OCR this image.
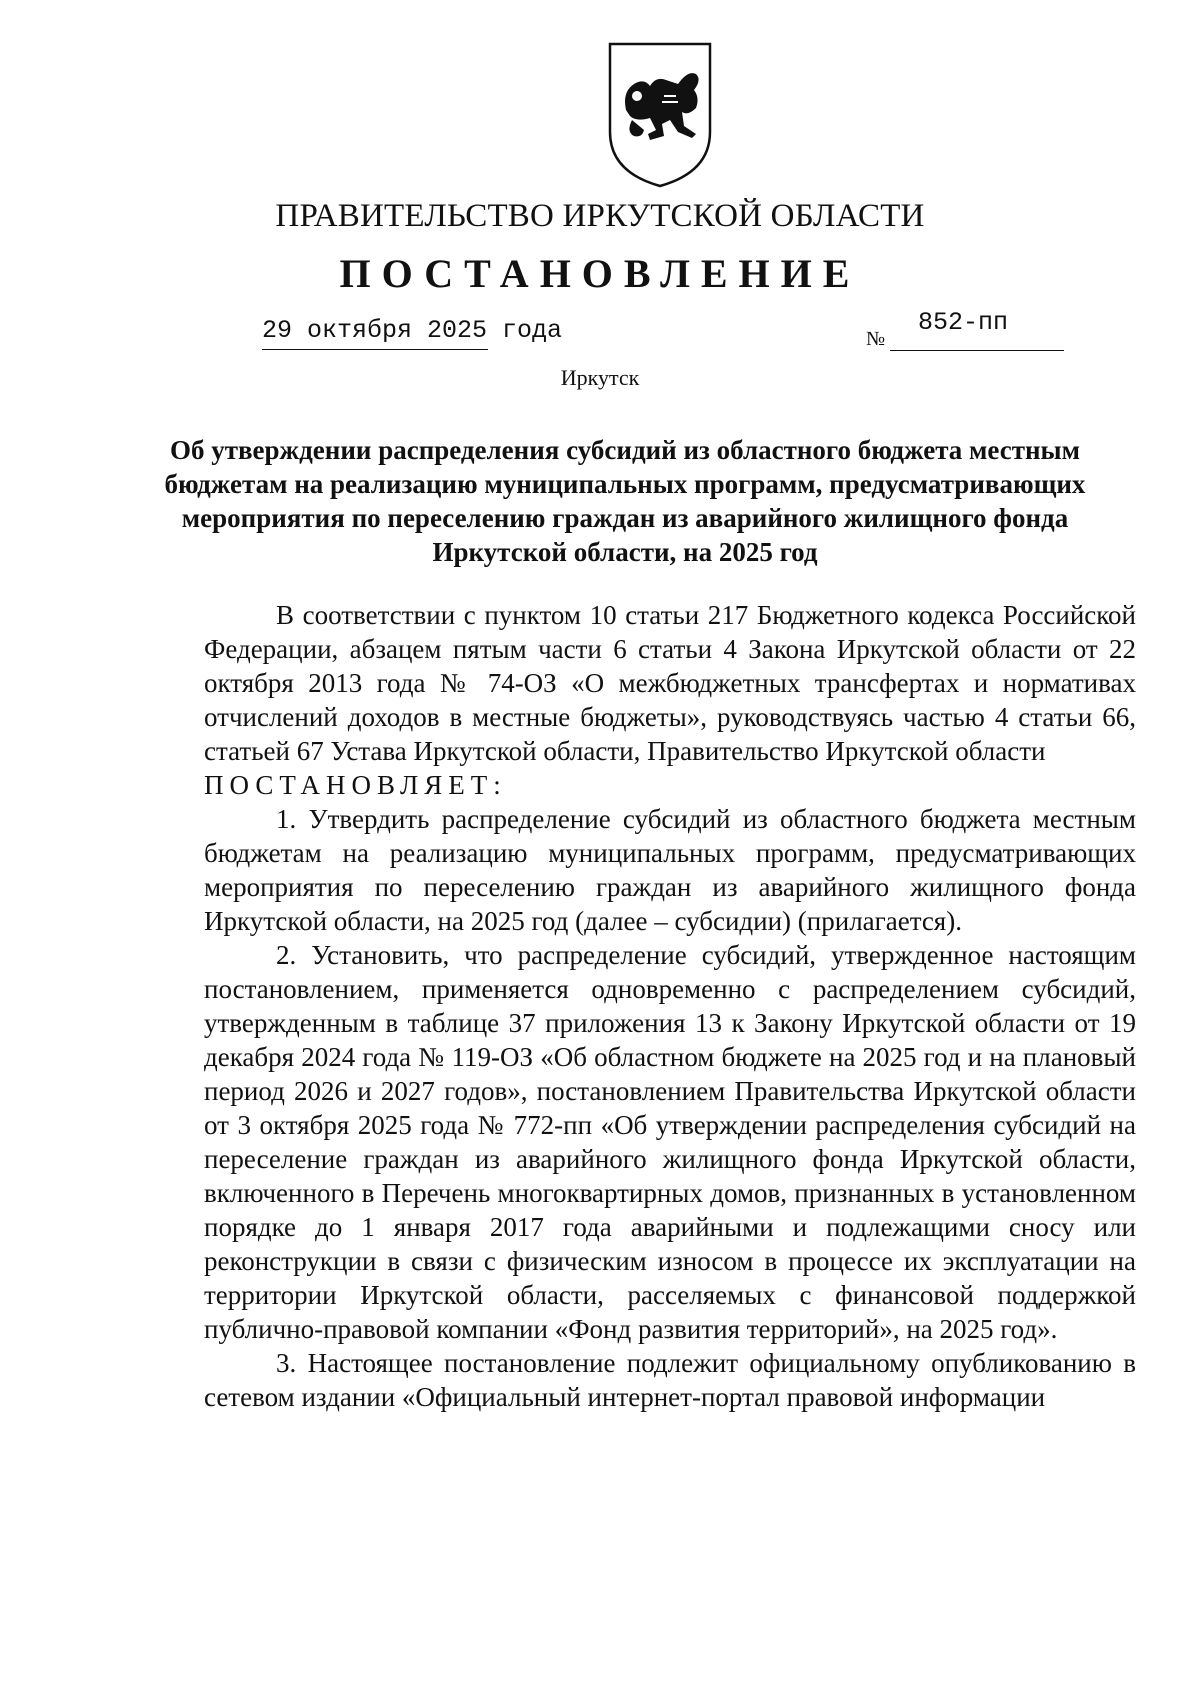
ПРАВИТЕЛЬСТВО ИРКУТСКОЙ ОБЛАСТИ
ПОСТАНОВЛЕНИЕ
29 октября 2025 года	№
852-пп
Иркутск
Об утверждении распределения субсидий из областного бюджета местным бюджетам на реализацию муниципальных программ, предусматривающих мероприятия по переселению граждан из аварийного жилищного фонда Иркутской области, на 2025 год

В соответствии с пунктом 10 статьи 217 Бюджетного кодекса Российской Федерации, абзацем пятым части 6 статьи 4 Закона Иркутской области от 22 октября 2013 года № 74-ОЗ «О межбюджетных трансфертах и нормативах отчислений доходов в местные бюджеты», руководствуясь частью 4 статьи 66, статьей 67 Устава Иркутской области, Правительство Иркутской области

ПОСТАНОВЛЯЕТ:

1. Утвердить распределение субсидий из областного бюджета местным бюджетам на реализацию муниципальных программ, предусматривающих мероприятия по переселению граждан из аварийного жилищного фонда Иркутской области, на 2025 год (далее – субсидии) (прилагается).

2. Установить, что распределение субсидий, утвержденное настоящим постановлением, применяется одновременно с распределением субсидий, утвержденным в таблице 37 приложения 13 к Закону Иркутской области от 19 декабря 2024 года № 119-ОЗ «Об областном бюджете на 2025 год и на плановый период 2026 и 2027 годов», постановлением Правительства Иркутской области от 3 октября 2025 года № 772-пп «Об утверждении распределения субсидий на переселение граждан из аварийного жилищного фонда Иркутской области, включенного в Перечень многоквартирных домов, признанных в установленном порядке до 1 января 2017 года аварийными и подлежащими сносу или реконструкции в связи с физическим износом в процессе их эксплуатации на территории Иркутской области, расселяемых с финансовой поддержкой публично-правовой компании «Фонд развития территорий», на 2025 год».

3. Настоящее постановление подлежит официальному опубликованию в сетевом издании «Официальный интернет-портал правовой информации
